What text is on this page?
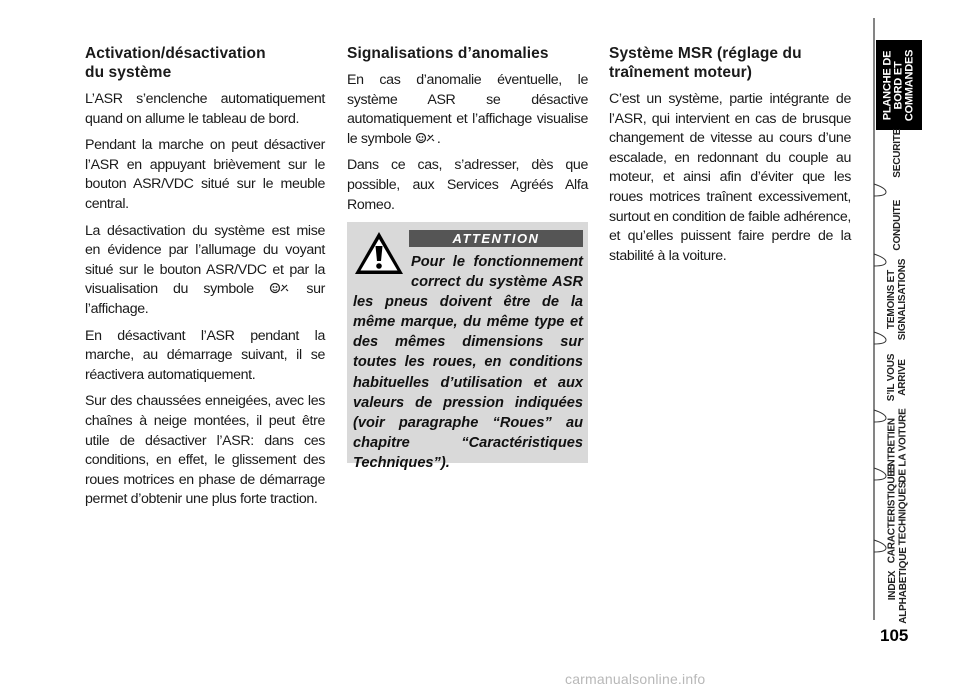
Activation/désactivation
du système

L’ASR s’enclenche automatiquement quand on allume le tableau de bord.

Pendant la marche on peut désactiver l’ASR en appuyant brièvement sur le bouton ASR/VDC situé sur le meuble central.

La désactivation du système est mise en évidence par l’allumage du voyant situé sur le bouton ASR/VDC et par la visualisation du symbole	sur l’affichage.

En désactivant l’ASR pendant la marche, au démarrage suivant, il se réactivera automatiquement.

Sur des chaussées enneigées, avec les chaînes à neige montées, il peut être utile de désactiver l’ASR: dans ces conditions, en effet, le glissement des roues motrices en phase de démarrage permet d’obtenir une plus forte traction.

Signalisations d’anomalies

En cas d’anomalie éventuelle, le système ASR se désactive automatiquement et l’affichage visualise le symbole .

Dans ce cas, s’adresser, dès que possible, aux Services Agréés Alfa Romeo.

ATTENTION
Pour le fonctionnement correct du système ASR les pneus doivent être de la même marque, du même type et des mêmes dimensions sur toutes les roues, en conditions habituelles d’utilisation et aux valeurs de pression indiquées (voir paragraphe “Roues” au chapitre “Caractéristiques Techniques”).
Système MSR (réglage du
traînement moteur)

C’est un système, partie intégrante de l’ASR, qui intervient en cas de brusque changement de vitesse au cours d’une escalade, en redonnant du couple au moteur, et ainsi afin d’éviter que les roues motrices traînent excessivement, surtout en condition de faible adhérence, et qu’elles puissent faire perdre de la stabilité à la voiture.

PLANCHE DE BORD ET COMMANDES
SECURITE
CONDUITE
TEMOINS ET SIGNALISATIONS
S’IL VOUS ARRIVE
ENTRETIEN DE LA VOITURE
CARACTERISTIQUES TECHNIQUES
INDEX ALPHABETIQUE
105
carmanualsonline.info
